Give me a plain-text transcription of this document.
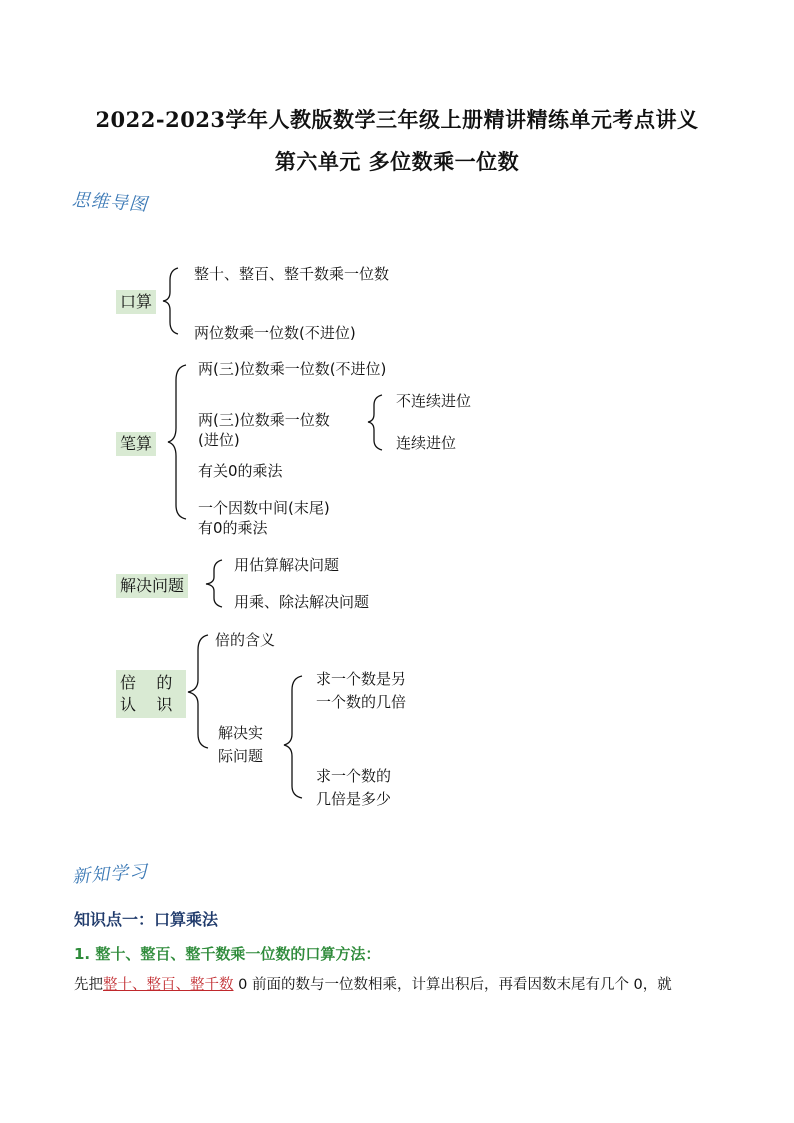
2022-2023学年人教版数学三年级上册精讲精练单元考点讲义
第六单元 多位数乘一位数
思维导图
口算
整十、整百、整千数乘一位数
两位数乘一位数(不进位)
笔算
两(三)位数乘一位数(不进位)
两(三)位数乘一位数
(进位)
有关0的乘法
一个因数中间(末尾)
有0的乘法
不连续进位
连续进位
解决问题
用估算解决问题
用乘、除法解决问题
倍    的
认    识
倍的含义
解决实
际问题
求一个数是另
一个数的几倍
求一个数的
几倍是多少
新知学习
知识点一：口算乘法
1. 整十、整百、整千数乘一位数的口算方法：
先把整十、整百、整千数 0 前面的数与一位数相乘，计算出积后，再看因数末尾有几个 0，就
